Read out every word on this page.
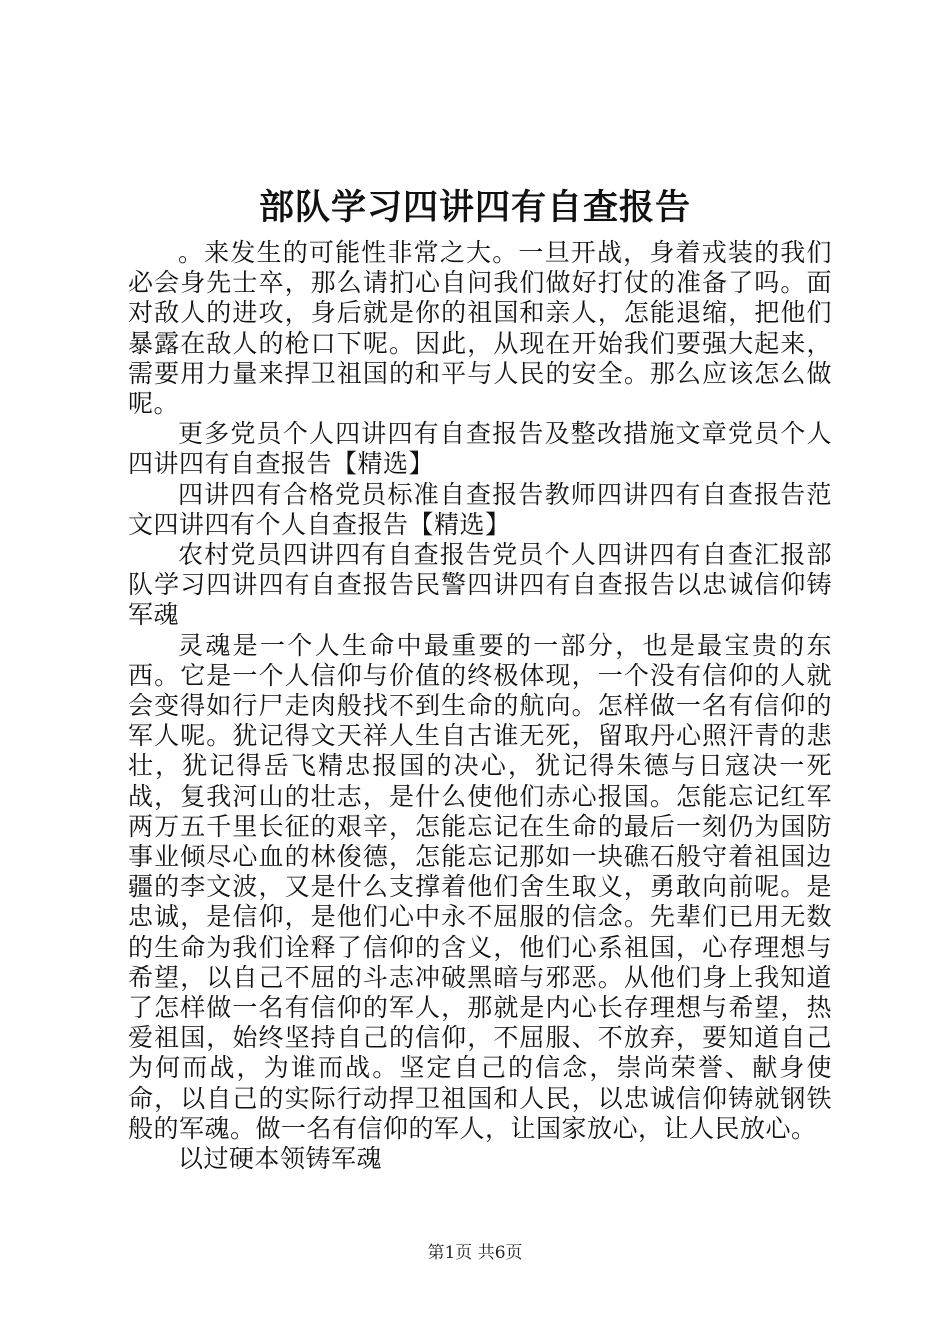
部队学习四讲四有自查报告

。来发生的可能性非常之大。一旦开战，身着戎装的我们必会身先士卒，那么请扪心自问我们做好打仗的准备了吗。面对敌人的进攻，身后就是你的祖国和亲人，怎能退缩，把他们暴露在敌人的枪口下呢。因此，从现在开始我们要强大起来，需要用力量来捍卫祖国的和平与人民的安全。那么应该怎么做呢。

更多党员个人四讲四有自查报告及整改措施文章党员个人四讲四有自查报告【精选】

四讲四有合格党员标准自查报告教师四讲四有自查报告范文四讲四有个人自查报告【精选】

农村党员四讲四有自查报告党员个人四讲四有自查汇报部队学习四讲四有自查报告民警四讲四有自查报告以忠诚信仰铸军魂

灵魂是一个人生命中最重要的一部分，也是最宝贵的东西。它是一个人信仰与价值的终极体现，一个没有信仰的人就会变得如行尸走肉般找不到生命的航向。怎样做一名有信仰的军人呢。犹记得文天祥人生自古谁无死，留取丹心照汗青的悲壮，犹记得岳飞精忠报国的决心，犹记得朱德与日寇决一死战，复我河山的壮志，是什么使他们赤心报国。怎能忘记红军两万五千里长征的艰辛，怎能忘记在生命的最后一刻仍为国防事业倾尽心血的林俊德，怎能忘记那如一块礁石般守着祖国边疆的李文波，又是什么支撑着他们舍生取义，勇敢向前呢。是忠诚，是信仰，是他们心中永不屈服的信念。先辈们已用无数的生命为我们诠释了信仰的含义，他们心系祖国，心存理想与希望，以自己不屈的斗志冲破黑暗与邪恶。从他们身上我知道了怎样做一名有信仰的军人，那就是内心长存理想与希望，热爱祖国，始终坚持自己的信仰，不屈服、不放弃，要知道自己为何而战，为谁而战。坚定自己的信念，崇尚荣誉、献身使命，以自己的实际行动捍卫祖国和人民，以忠诚信仰铸就钢铁般的军魂。做一名有信仰的军人，让国家放心，让人民放心。

以过硬本领铸军魂

第1页 共6页
